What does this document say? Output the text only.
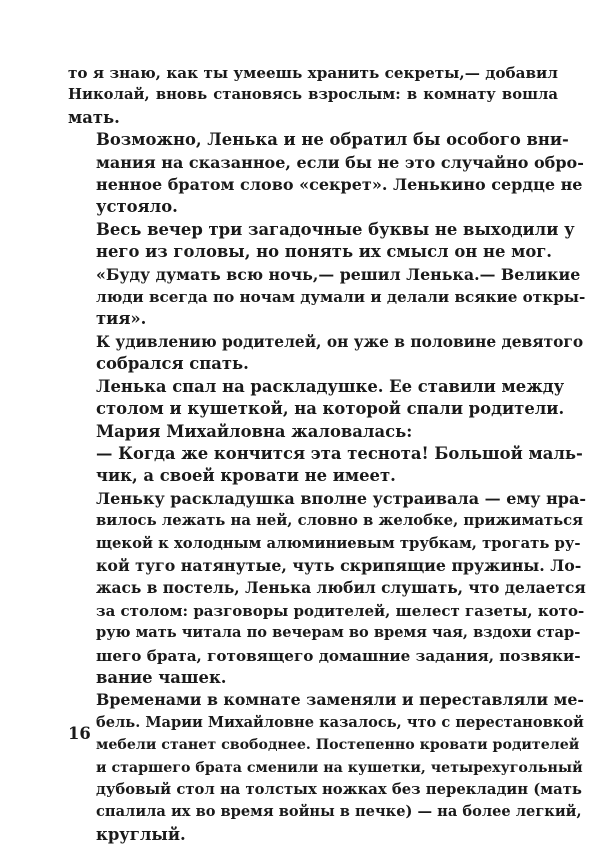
то я знаю, как ты умеешь хранить секреты,— добавил
Николай, вновь становясь взрослым: в комнату вошла
мать.

Возможно, Ленька и не обратил бы особого вни-
мания на сказанное, если бы не это случайно обро-
ненное братом слово «секрет». Ленькино сердце не
устояло.

Весь вечер три загадочные буквы не выходили у
него из головы, но понять их смысл он не мог.

«Буду думать всю ночь,— решил Ленька.— Великие
люди всегда по ночам думали и делали всякие откры-
тия».

К удивлению родителей, он уже в половине девятого
собрался спать.

Ленька спал на раскладушке. Ее ставили между
столом и кушеткой, на которой спали родители.

Мария Михайловна жаловалась:

— Когда же кончится эта теснота! Большой маль-
чик, а своей кровати не имеет.

Леньку раскладушка вполне устраивала — ему нра-
вилось лежать на ней, словно в желобке, прижиматься
щекой к холодным алюминиевым трубкам, трогать ру-
кой туго натянутые, чуть скрипящие пружины. Ло-
жась в постель, Ленька любил слушать, что делается
за столом: разговоры родителей, шелест газеты, кото-
рую мать читала по вечерам во время чая, вздохи стар-
шего брата, готовящего домашние задания, позвяки-
вание чашек.

Временами в комнате заменяли и переставляли ме-
бель. Марии Михайловне казалось, что с перестановкой
мебели станет свободнее. Постепенно кровати родителей
и старшего брата сменили на кушетки, четырехугольный
дубовый стол на толстых ножках без перекладин (мать
спалила их во время войны в печке) — на более легкий,
круглый.

16
